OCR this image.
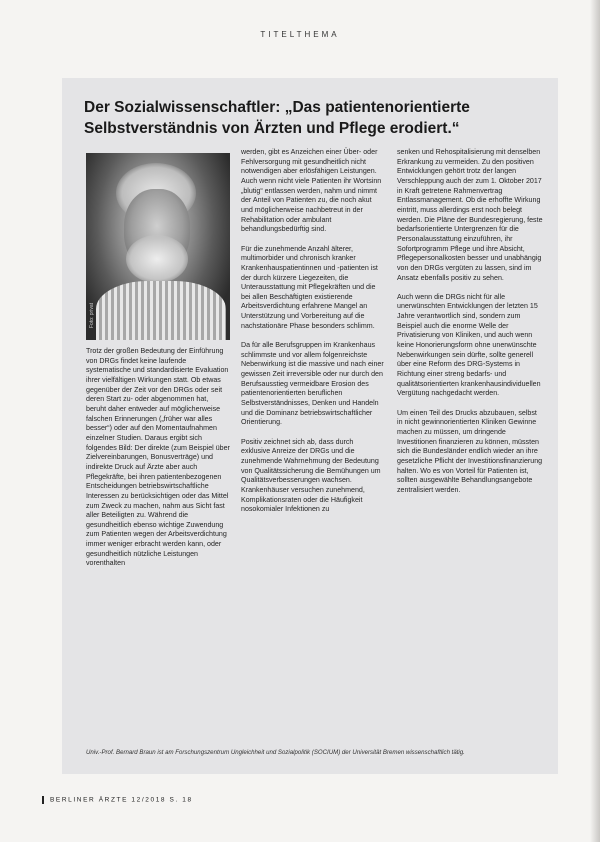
TITELTHEMA
Der Sozialwissenschaftler: „Das patientenorientierte Selbstverständnis von Ärzten und Pflege erodiert.“
Foto: privat

Trotz der großen Bedeutung der Einführung von DRGs findet keine laufende systematische und standardisierte Evaluation ihrer vielfältigen Wirkungen statt. Ob etwas gegenüber der Zeit vor den DRGs oder seit deren Start zu- oder abgenommen hat, beruht daher entweder auf möglicherweise falschen Erinnerungen („früher war alles besser“) oder auf den Momentaufnahmen einzelner Studien. Daraus ergibt sich folgendes Bild: Der direkte (zum Beispiel über Zielvereinbarungen, Bonusverträge) und indirekte Druck auf Ärzte aber auch Pflegekräfte, bei ihren patientenbezogenen Entscheidungen betriebswirtschaftliche Interessen zu berücksichtigen oder das Mittel zum Zweck zu machen, nahm aus Sicht fast aller Beteiligten zu. Während die gesundheitlich ebenso wichtige Zuwendung zum Patienten wegen der Arbeitsverdichtung immer weniger erbracht werden kann, oder gesundheitlich nützliche Leistungen vorenthalten

werden, gibt es Anzeichen einer Über- oder Fehlversorgung mit gesundheitlich nicht notwendigen aber erlösfähigen Leistungen. Auch wenn nicht viele Patienten ihr Wortsinn „blutig“ entlassen werden, nahm und nimmt der Anteil von Patienten zu, die noch akut und möglicherweise nachbetreut in der Rehabilitation oder ambulant behandlungsbedürftig sind.

Für die zunehmende Anzahl älterer, multimorbider und chronisch kranker Krankenhauspatientinnen und -patienten ist der durch kürzere Liegezeiten, die Unterausstattung mit Pflegekräften und die bei allen Beschäftigten existierende Arbeitsverdichtung erfahrene Mangel an Unterstützung und Vorbereitung auf die nachstationäre Phase besonders schlimm.

Da für alle Berufsgruppen im Krankenhaus schlimmste und vor allem folgenreichste Nebenwirkung ist die massive und nach einer gewissen Zeit irreversible oder nur durch den Berufsausstieg vermeidbare Erosion des patientenorientierten beruflichen Selbstverständnisses, Denken und Handeln und die Dominanz betriebswirtschaftlicher Orientierung.

Positiv zeichnet sich ab, dass durch exklusive Anreize der DRGs und die zunehmende Wahrnehmung der Bedeutung von Qualitätssicherung die Bemühungen um Qualitätsverbesserungen wachsen. Krankenhäuser versuchen zunehmend, Komplikationsraten oder die Häufigkeit nosokomialer Infektionen zu

senken und Rehospitalisierung mit denselben Erkrankung zu vermeiden. Zu den positiven Entwicklungen gehört trotz der langen Verschleppung auch der zum 1. Oktober 2017 in Kraft getretene Rahmenvertrag Entlassmanagement. Ob die erhoffte Wirkung eintritt, muss allerdings erst noch belegt werden. Die Pläne der Bundesregierung, feste bedarfsorientierte Untergrenzen für die Personalausstattung einzuführen, ihr Sofortprogramm Pflege und ihre Absicht, Pflegepersonalkosten besser und unabhängig von den DRGs vergüten zu lassen, sind im Ansatz ebenfalls positiv zu sehen.

Auch wenn die DRGs nicht für alle unerwünschten Entwicklungen der letzten 15 Jahre verantwortlich sind, sondern zum Beispiel auch die enorme Welle der Privatisierung von Kliniken, und auch wenn keine Honorierungsform ohne unerwünschte Nebenwirkungen sein dürfte, sollte generell über eine Reform des DRG-Systems in Richtung einer streng bedarfs- und qualitätsorientierten krankenhausindividuellen Vergütung nachgedacht werden.

Um einen Teil des Drucks abzubauen, selbst in nicht gewinnorientierten Kliniken Gewinne machen zu müssen, um dringende Investitionen finanzieren zu können, müssten sich die Bundesländer endlich wieder an ihre gesetzliche Pflicht der Investitionsfinanzierung halten. Wo es von Vorteil für Patienten ist, sollten ausgewählte Behandlungsangebote zentralisiert werden.

Univ.-Prof. Bernard Braun ist am Forschungszentrum Ungleichheit und Sozialpolitik (SOCIUM) der Universität Bremen wissenschaftlich tätig.
BERLINER ÄRZTE 12/2018 S. 18
